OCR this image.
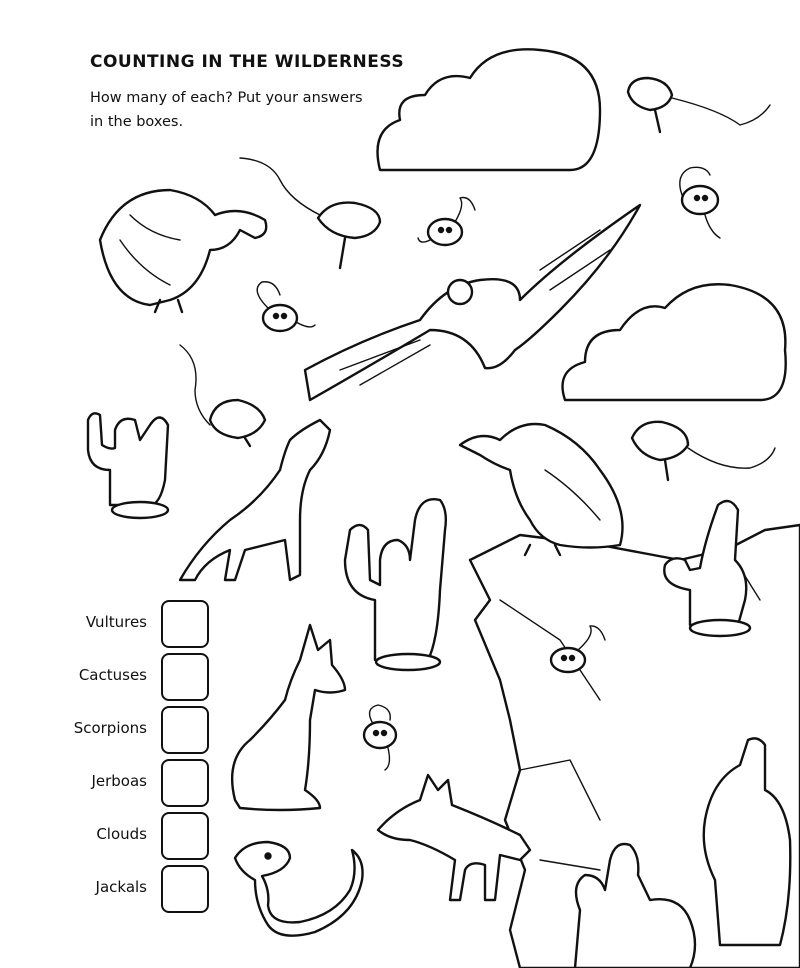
COUNTING IN THE WILDERNESS
How many of each? Put your answers
in the boxes.
Vultures
Cactuses
Scorpions
Jerboas
Clouds
Jackals
